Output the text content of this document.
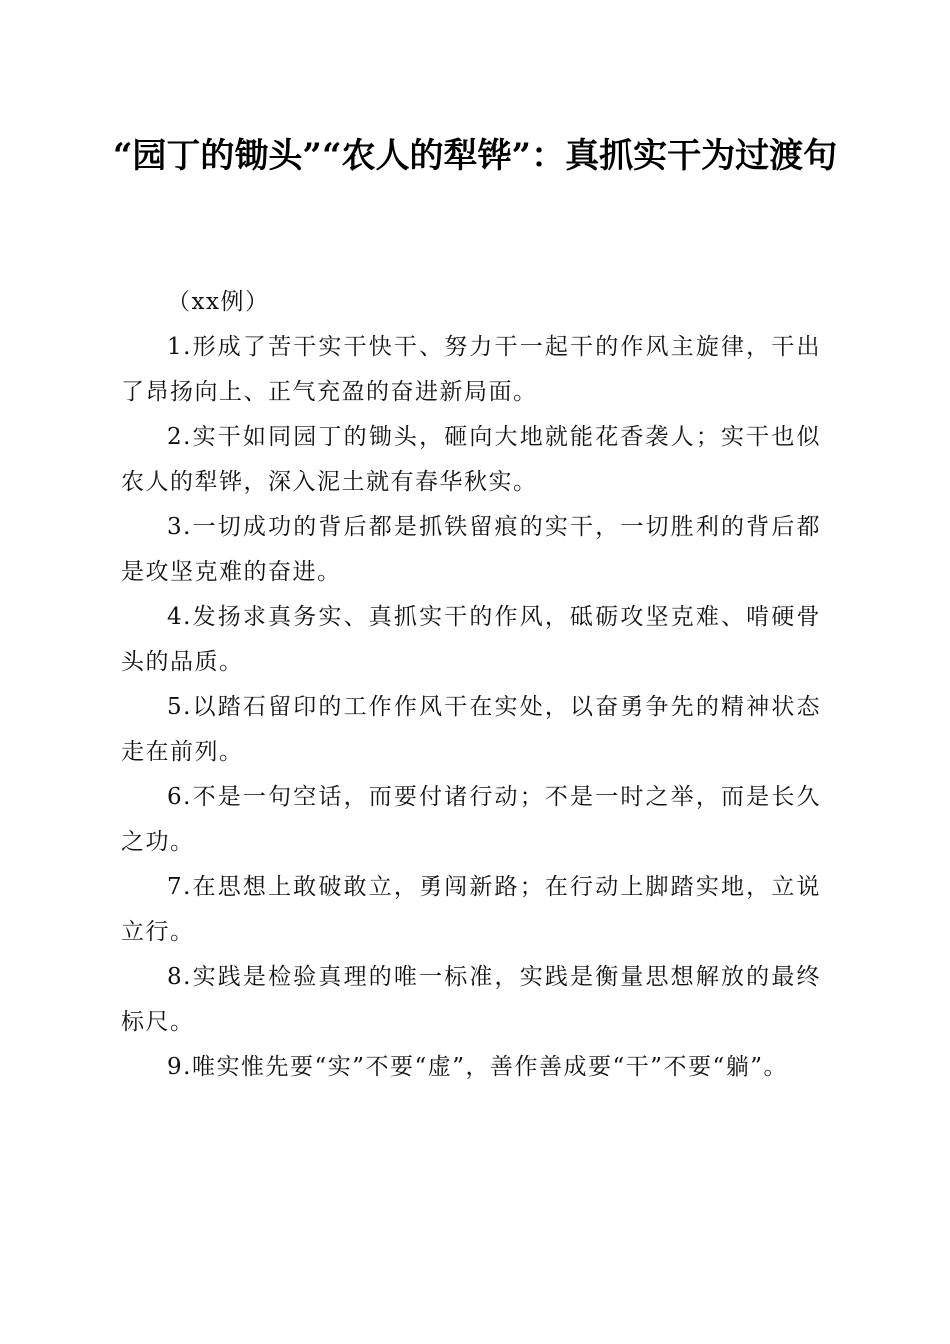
“园丁的锄头”“农人的犁铧”：真抓实干为过渡句

（xx例）

1.形成了苦干实干快干、努力干一起干的作风主旋律，干出了昂扬向上、正气充盈的奋进新局面。

2.实干如同园丁的锄头，砸向大地就能花香袭人；实干也似农人的犁铧，深入泥土就有春华秋实。

3.一切成功的背后都是抓铁留痕的实干，一切胜利的背后都是攻坚克难的奋进。

4.发扬求真务实、真抓实干的作风，砥砺攻坚克难、啃硬骨头的品质。

5.以踏石留印的工作作风干在实处，以奋勇争先的精神状态走在前列。

6.不是一句空话，而要付诸行动；不是一时之举，而是长久之功。

7.在思想上敢破敢立，勇闯新路；在行动上脚踏实地，立说立行。

8.实践是检验真理的唯一标准，实践是衡量思想解放的最终标尺。

9.唯实惟先要“实”不要“虚”，善作善成要“干”不要“躺”。
